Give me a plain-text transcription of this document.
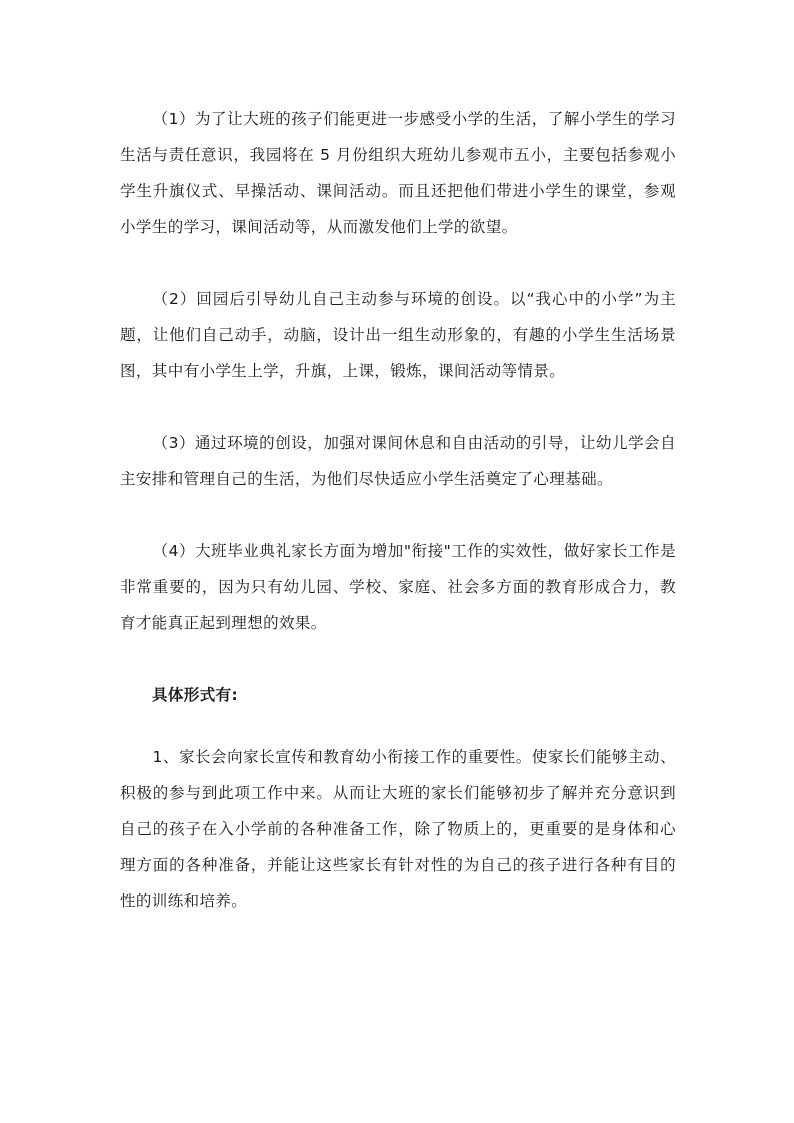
（1）为了让大班的孩子们能更进一步感受小学的生活，了解小学生的学习生活与责任意识，我园将在 5 月份组织大班幼儿参观市五小，主要包括参观小学生升旗仪式、早操活动、课间活动。而且还把他们带进小学生的课堂，参观小学生的学习，课间活动等，从而激发他们上学的欲望。

（2）回园后引导幼儿自己主动参与环境的创设。以“我心中的小学”为主题，让他们自己动手，动脑，设计出一组生动形象的，有趣的小学生生活场景图，其中有小学生上学，升旗，上课，锻炼，课间活动等情景。

（3）通过环境的创设，加强对课间休息和自由活动的引导，让幼儿学会自主安排和管理自己的生活，为他们尽快适应小学生活奠定了心理基础。

（4）大班毕业典礼家长方面为增加"衔接"工作的实效性，做好家长工作是非常重要的，因为只有幼儿园、学校、家庭、社会多方面的教育形成合力，教育才能真正起到理想的效果。

具体形式有:

1、家长会向家长宣传和教育幼小衔接工作的重要性。使家长们能够主动、积极的参与到此项工作中来。从而让大班的家长们能够初步了解并充分意识到自己的孩子在入小学前的各种准备工作，除了物质上的，更重要的是身体和心理方面的各种准备，并能让这些家长有针对性的为自己的孩子进行各种有目的性的训练和培养。
